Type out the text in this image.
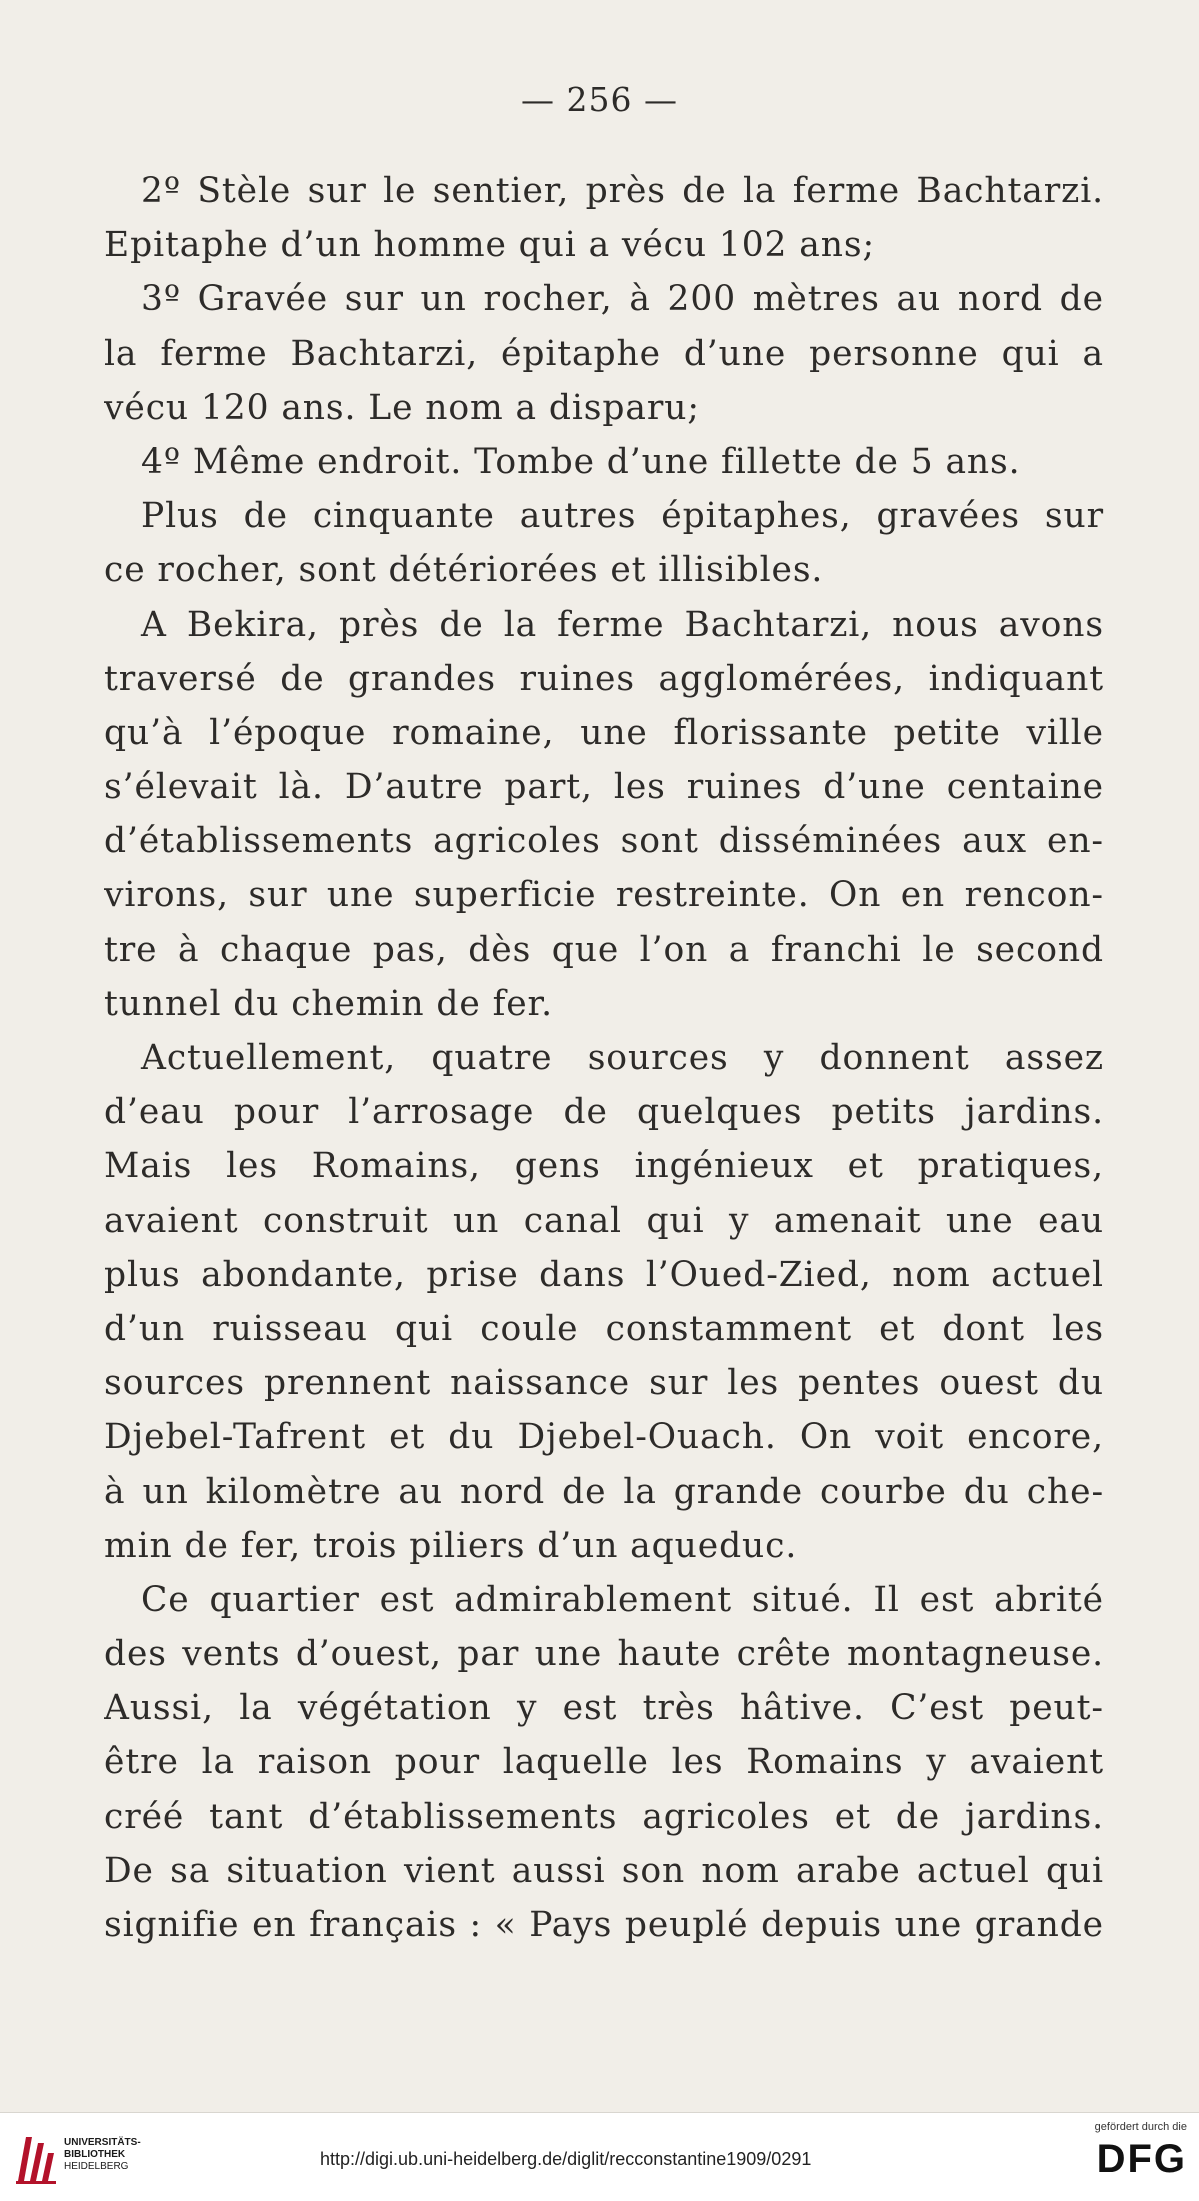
— 256 —
2º Stèle sur le sentier, près de la ferme Bachtarzi.
Epitaphe d’un homme qui a vécu 102 ans;
3º Gravée sur un rocher, à 200 mètres au nord de
la ferme Bachtarzi, épitaphe d’une personne qui a
vécu 120 ans. Le nom a disparu;
4º Même endroit. Tombe d’une fillette de 5 ans.
Plus de cinquante autres épitaphes, gravées sur
ce rocher, sont détériorées et illisibles.
A Bekira, près de la ferme Bachtarzi, nous avons
traversé de grandes ruines agglomérées, indiquant
qu’à l’époque romaine, une florissante petite ville
s’élevait là. D’autre part, les ruines d’une centaine
d’établissements agricoles sont disséminées aux en-
virons, sur une superficie restreinte. On en rencon-
tre à chaque pas, dès que l’on a franchi le second
tunnel du chemin de fer.
Actuellement, quatre sources y donnent assez
d’eau pour l’arrosage de quelques petits jardins.
Mais les Romains, gens ingénieux et pratiques,
avaient construit un canal qui y amenait une eau
plus abondante, prise dans l’Oued-Zied, nom actuel
d’un ruisseau qui coule constamment et dont les
sources prennent naissance sur les pentes ouest du
Djebel-Tafrent et du Djebel-Ouach. On voit encore,
à un kilomètre au nord de la grande courbe du che-
min de fer, trois piliers d’un aqueduc.
Ce quartier est admirablement situé. Il est abrité
des vents d’ouest, par une haute crête montagneuse.
Aussi, la végétation y est très hâtive. C’est peut-
être la raison pour laquelle les Romains y avaient
créé tant d’établissements agricoles et de jardins.
De sa situation vient aussi son nom arabe actuel qui
signifie en français : « Pays peuplé depuis une grande
UNIVERSITÄTS-
BIBLIOTHEK
HEIDELBERG	http://digi.ub.uni-heidelberg.de/diglit/recconstantine1909/0291
gefördert durch die
DFG
